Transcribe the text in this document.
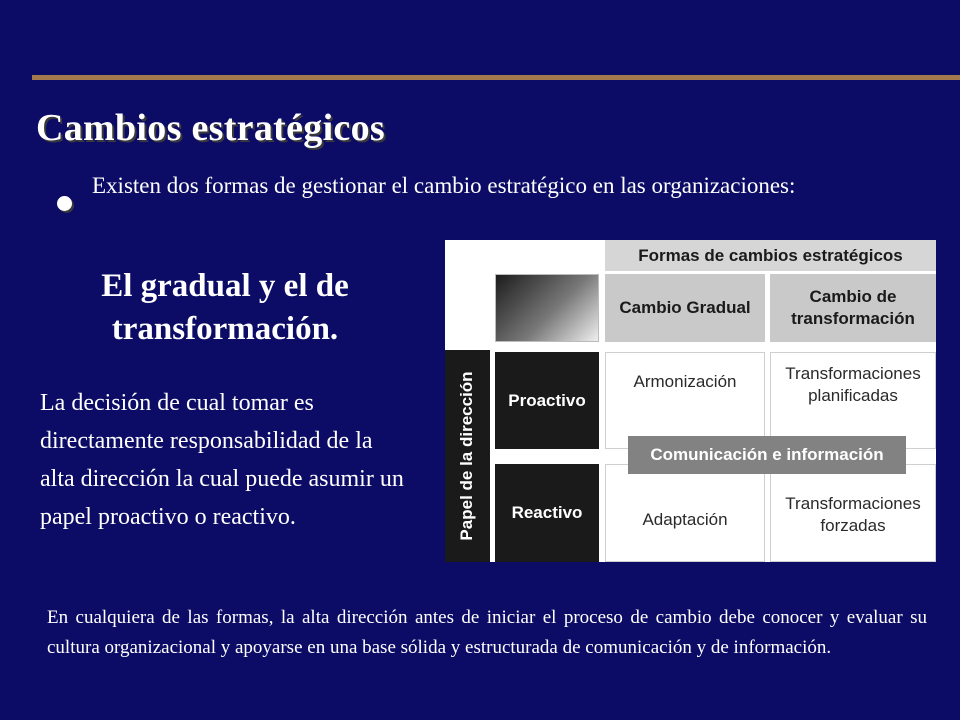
Cambios estratégicos
Existen dos formas de gestionar el cambio estratégico en las organizaciones:
El gradual y el de
transformación.
La decisión de cual tomar es directamente responsabilidad de la alta dirección la cual puede asumir un papel proactivo o reactivo.
Formas de cambios estratégicos
Cambio Gradual
Cambio de
transformación
Papel de la dirección	Proactivo
Reactivo
Armonización	Transformaciones
planificadas
Adaptación
Transformaciones
forzadas
Comunicación e información
En cualquiera de las formas, la alta dirección antes de iniciar el proceso de cambio debe conocer y evaluar su cultura organizacional y apoyarse en una base sólida y estructurada de comunicación y de información.
